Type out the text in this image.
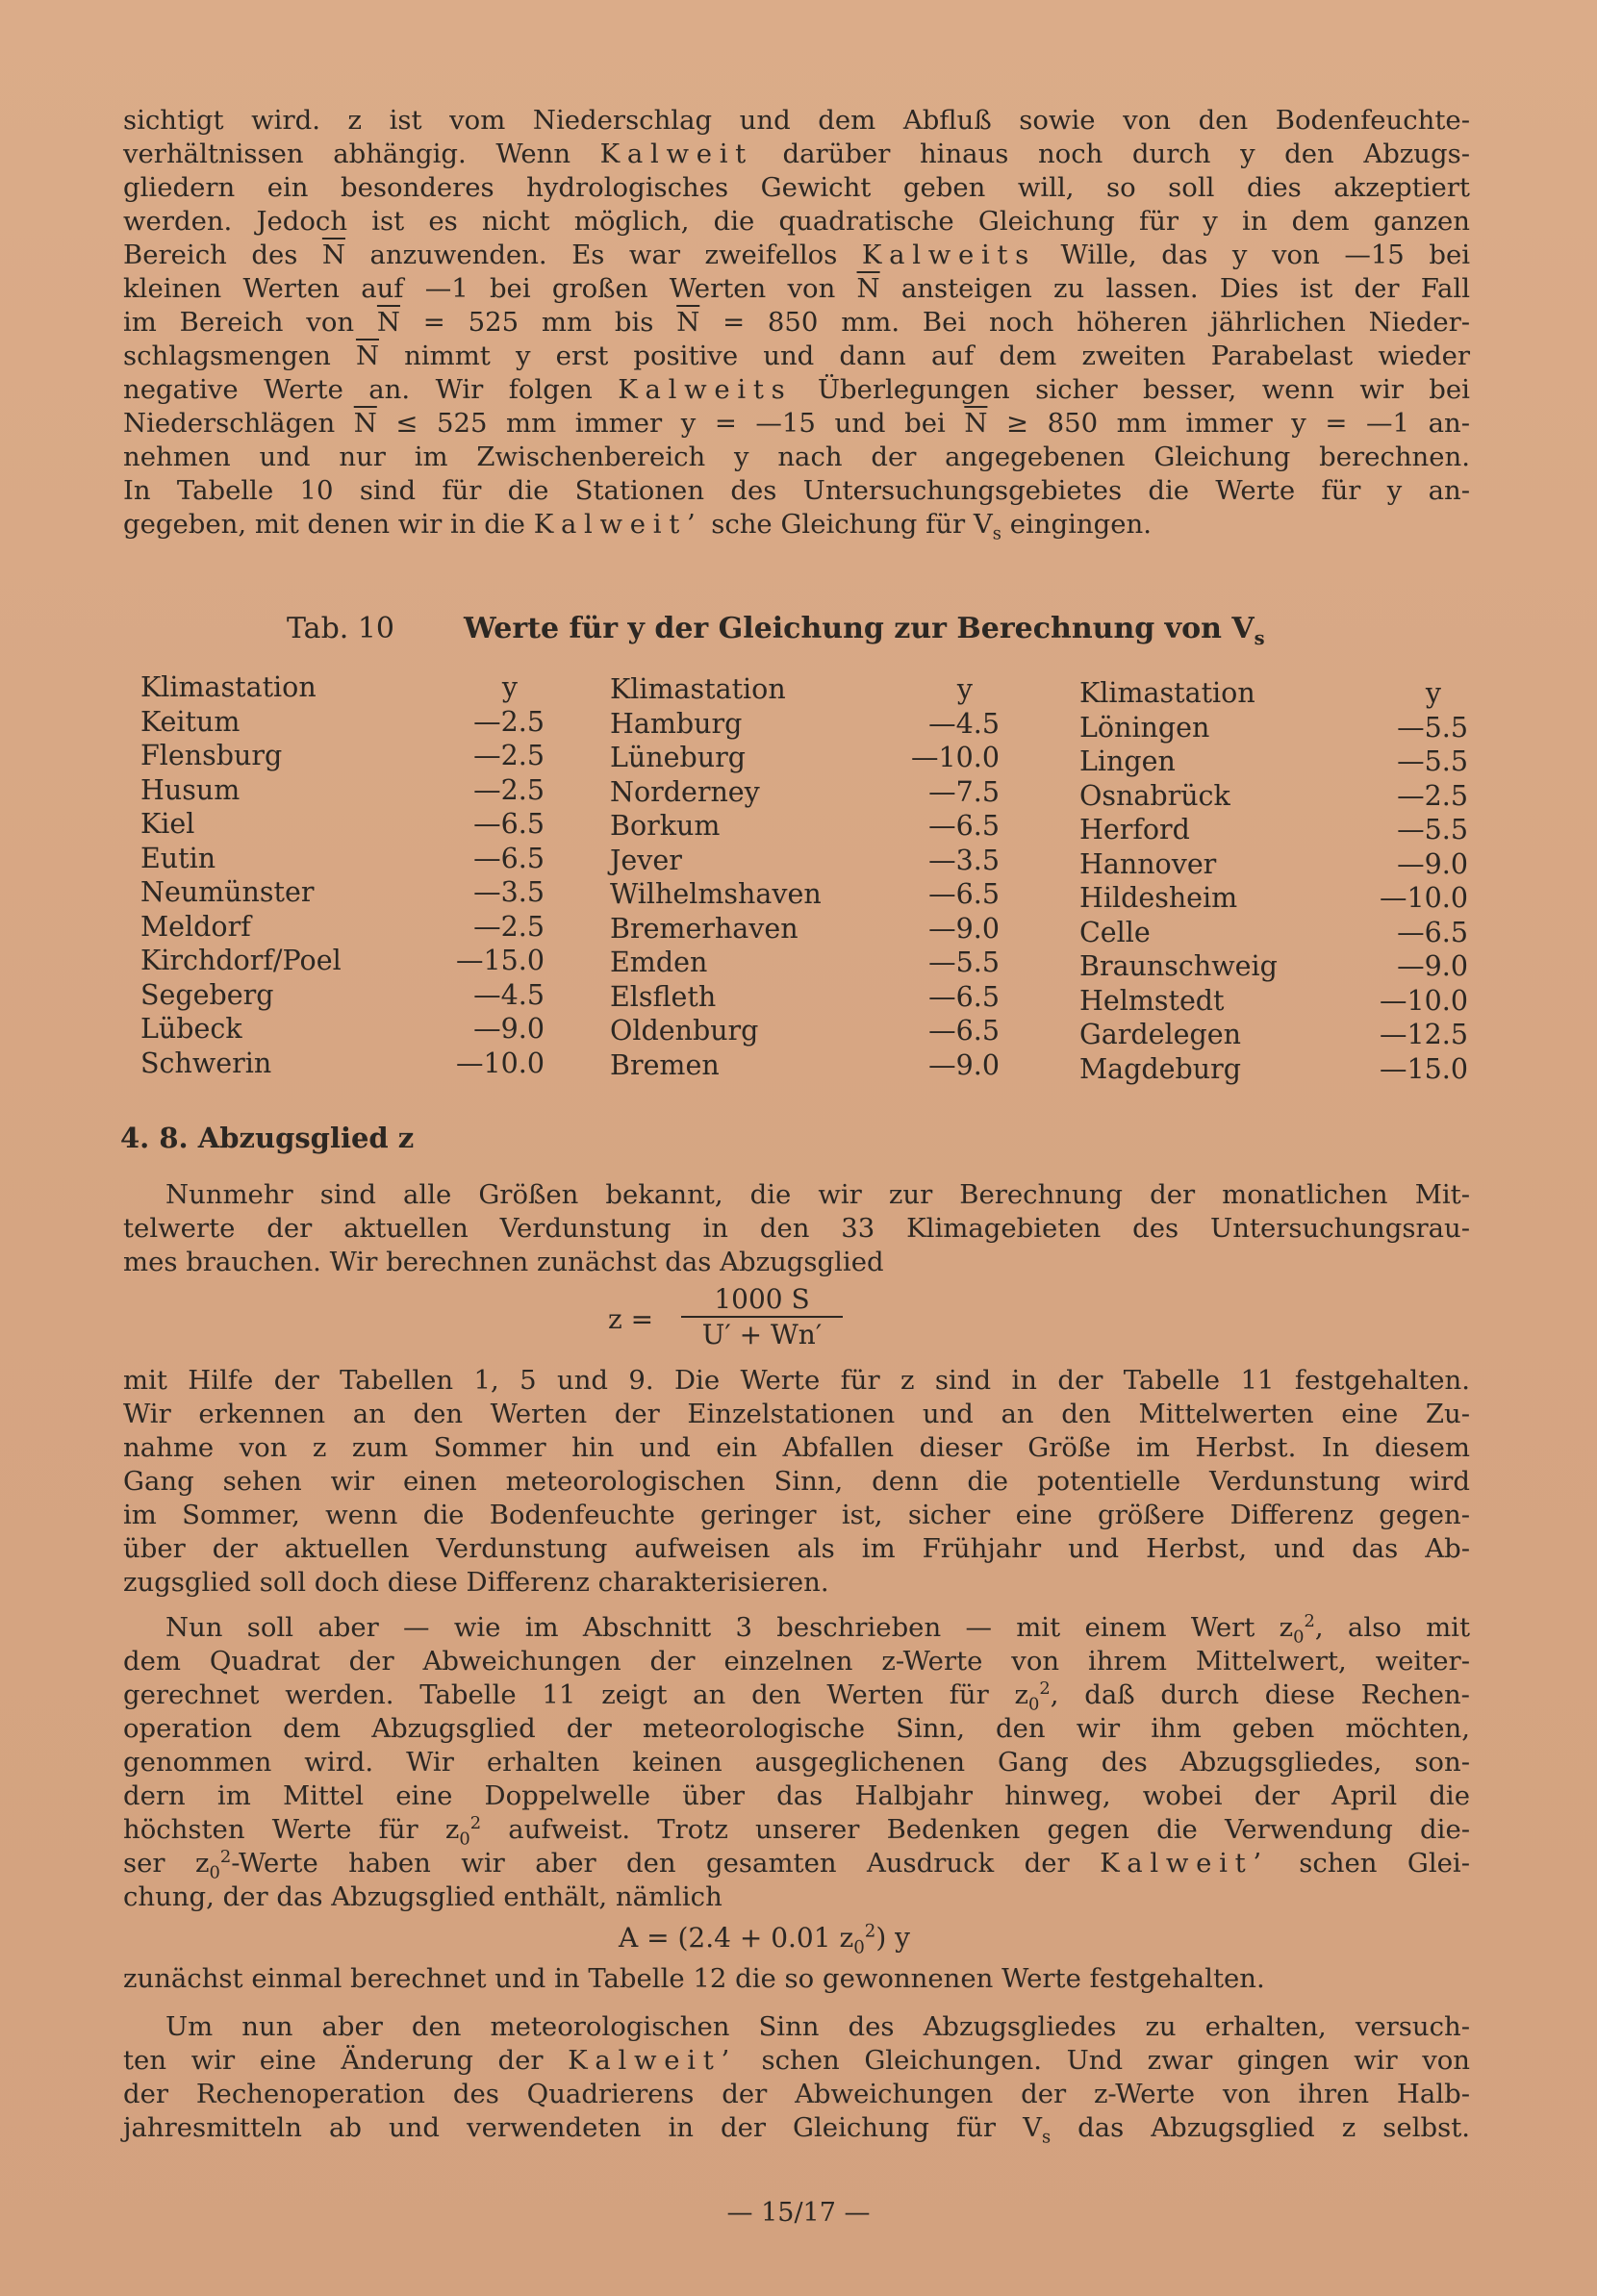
sichtigt wird. z ist vom Niederschlag und dem Abfluß sowie von den Bodenfeuchte-
verhältnissen abhängig. Wenn Kalweit darüber hinaus noch durch y den Abzugs-
gliedern ein besonderes hydrologisches Gewicht geben will, so soll dies akzeptiert
werden. Jedoch ist es nicht möglich, die quadratische Gleichung für y in dem ganzen
Bereich des $\overline{N}$ anzuwenden. Es war zweifellos Kalweits Wille, das y von —15 bei
kleinen Werten auf —1 bei großen Werten von $\overline{N}$ ansteigen zu lassen. Dies ist der Fall
im Bereich von $\overline{N} = 525$ mm bis $\overline{N} = 850$ mm. Bei noch höheren jährlichen Nieder-
schlagsmengen $\overline{N}$ nimmt y erst positive und dann auf dem zweiten Parabelast wieder
negative Werte an. Wir folgen Kalweits Überlegungen sicher besser, wenn wir bei
Niederschlägen $\overline{N} \le 525$ mm immer y = —15 und bei $\overline{N} \ge 850$ mm immer y = —1 an-
nehmen und nur im Zwischenbereich y nach der angegebenen Gleichung berechnen.
In Tabelle 10 sind für die Stationen des Untersuchungsgebietes die Werte für y an-
gegeben, mit denen wir in die Kalweit’ sche Gleichung für $V_s$ eingingen.
Tab. 10 Werte für y der Gleichung zur Berechnung von $V_s$
Klimastation	y
Keitum	—2.5
Flensburg	—2.5
Husum	—2.5
Kiel	—6.5
Eutin	—6.5
Neumünster	—3.5
Meldorf	—2.5
Kirchdorf/Poel	—15.0
Segeberg	—4.5
Lübeck	—9.0
Schwerin	—10.0
Klimastation	y
Hamburg	—4.5
Lüneburg	—10.0
Norderney	—7.5
Borkum	—6.5
Jever	—3.5
Wilhelmshaven	—6.5
Bremerhaven	—9.0
Emden	—5.5
Elsfleth	—6.5
Oldenburg	—6.5
Bremen	—9.0
Klimastation	y
Löningen	—5.5
Lingen	—5.5
Osnabrück	—2.5
Herford	—5.5
Hannover	—9.0
Hildesheim	—10.0
Celle	—6.5
Braunschweig	—9.0
Helmstedt	—10.0
Gardelegen	—12.5
Magdeburg	—15.0
4. 8. Abzugsglied z
Nunmehr sind alle Größen bekannt, die wir zur Berechnung der monatlichen Mit-
telwerte der aktuellen Verdunstung in den 33 Klimagebieten des Untersuchungsrau-
mes brauchen. Wir berechnen zunächst das Abzugsglied
z =
1000 S
U′ + Wn′
mit Hilfe der Tabellen 1, 5 und 9. Die Werte für z sind in der Tabelle 11 festgehalten.
Wir erkennen an den Werten der Einzelstationen und an den Mittelwerten eine Zu-
nahme von z zum Sommer hin und ein Abfallen dieser Größe im Herbst. In diesem
Gang sehen wir einen meteorologischen Sinn, denn die potentielle Verdunstung wird
im Sommer, wenn die Bodenfeuchte geringer ist, sicher eine größere Differenz gegen-
über der aktuellen Verdunstung aufweisen als im Frühjahr und Herbst, und das Ab-
zugsglied soll doch diese Differenz charakterisieren.
Nun soll aber — wie im Abschnitt 3 beschrieben — mit einem Wert $z_0^2$, also mit
dem Quadrat der Abweichungen der einzelnen z-Werte von ihrem Mittelwert, weiter-
gerechnet werden. Tabelle 11 zeigt an den Werten für $z_0^2$, daß durch diese Rechen-
operation dem Abzugsglied der meteorologische Sinn, den wir ihm geben möchten,
genommen wird. Wir erhalten keinen ausgeglichenen Gang des Abzugsgliedes, son-
dern im Mittel eine Doppelwelle über das Halbjahr hinweg, wobei der April die
höchsten Werte für $z_0^2$ aufweist. Trotz unserer Bedenken gegen die Verwendung die-
ser $z_0^2$-Werte haben wir aber den gesamten Ausdruck der Kalweit’ schen Glei-
chung, der das Abzugsglied enthält, nämlich
A = (2.4 + 0.01 $z_0^2$) y
zunächst einmal berechnet und in Tabelle 12 die so gewonnenen Werte festgehalten.
Um nun aber den meteorologischen Sinn des Abzugsgliedes zu erhalten, versuch-
ten wir eine Änderung der Kalweit’ schen Gleichungen. Und zwar gingen wir von
der Rechenoperation des Quadrierens der Abweichungen der z-Werte von ihren Halb-
jahresmitteln ab und verwendeten in der Gleichung für $V_s$ das Abzugsglied z selbst.
— 15/17 —
